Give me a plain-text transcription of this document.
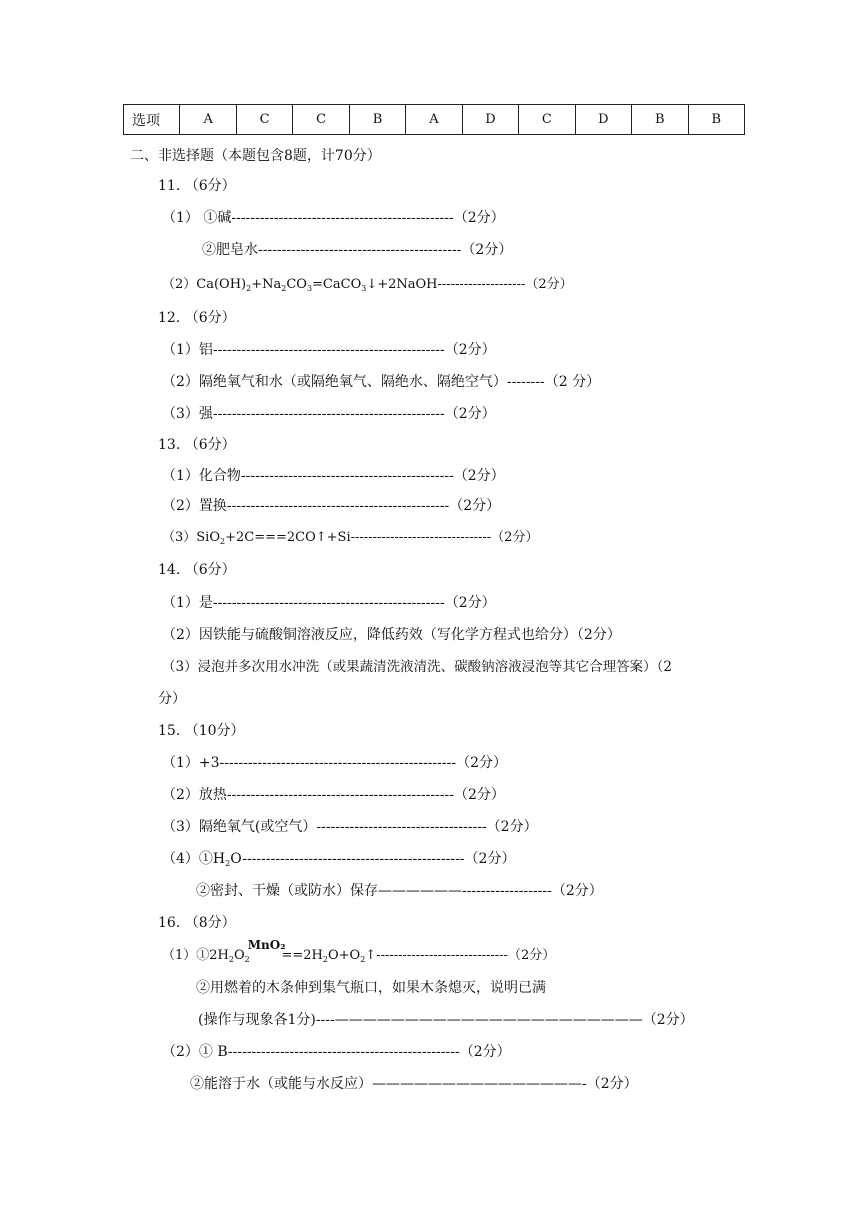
选项	A	C	C	B	A	D	C	D	B	B
二、非选择题（本题包含8题，计70分）
11. （6分）
（1） ①碱-----------------------------------------------（2分）
②肥皂水-------------------------------------------（2分）
$(2)Ca(OH)_2+Na_2CO_3=CaCO_3↓+2NaOH--------------------(2$分）
12. （6分）
（1）铝-------------------------------------------------（2分）
（2）隔绝氧气和水（或隔绝氧气、隔绝水、隔绝空气）--------（2 分）
（3）强-------------------------------------------------（2分）
13. （6分）
（1）化合物---------------------------------------------（2分）
（2）置换-----------------------------------------------（2分）
（3）SiO$_2$+2C===2CO↑+Si--------------------------------（2分）
14. （6分）
（1）是-------------------------------------------------（2分）
（2）因铁能与硫酸铜溶液反应，降低药效（写化学方程式也给分）（2分）
（3）浸泡并多次用水冲洗（或果蔬清洗液清洗、碳酸钠溶液浸泡等其它合理答案）（2
分）
15. （10分）
（1）+3--------------------------------------------------（2分）
（2）放热------------------------------------------------（2分）
（3）隔绝氧气(或空气）------------------------------------（2分）
$(4)①H_2O-----------------------------------------------(2$分）
②密封、干燥（或防水）保存——————-------------------（2分）
16. （8分）
$(1)①2H_2O_2MnO_2==2H_2O+O_2↑------------------------------(2$分）
②用燃着的木条伸到集气瓶口，如果木条熄灭，说明已满
(操作与现象各1分)----——————————————————————（2分）
（2）① B-------------------------------------------------（2分）
②能溶于水（或能与水反应）———————————————-（2分）
